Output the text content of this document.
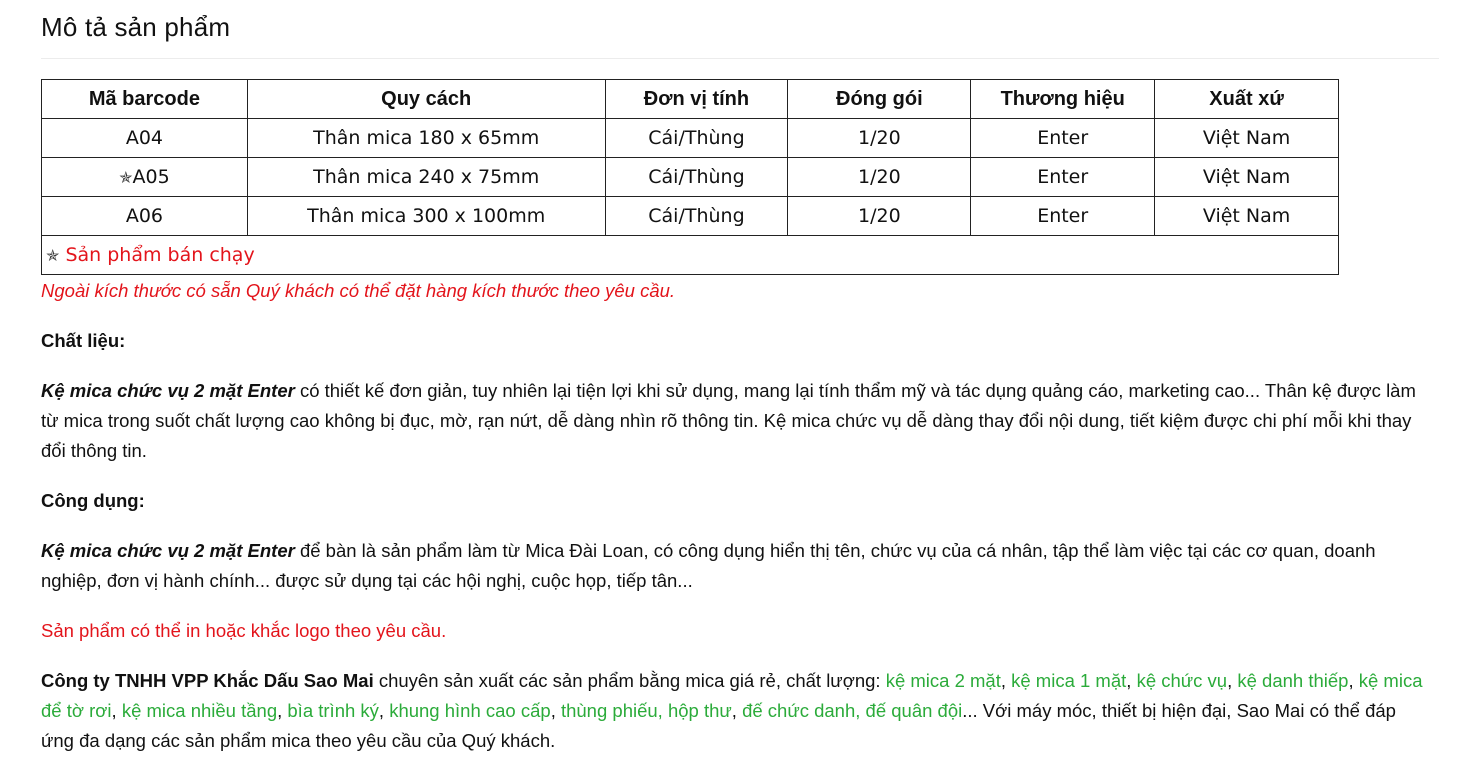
Mô tả sản phẩm
Mã barcode	Quy cách	Đơn vị tính	Đóng gói	Thương hiệu	Xuất xứ
A04	Thân mica 180 x 65mm	Cái/Thùng	1/20	Enter	Việt Nam
✯A05	Thân mica 240 x 75mm	Cái/Thùng	1/20	Enter	Việt Nam
A06	Thân mica 300 x 100mm	Cái/Thùng	1/20	Enter	Việt Nam
✯ Sản phẩm bán chạy					

Ngoài kích thước có sẵn Quý khách có thể đặt hàng kích thước theo yêu cầu.

Chất liệu:

Kệ mica chức vụ 2 mặt Enter có thiết kế đơn giản, tuy nhiên lại tiện lợi khi sử dụng, mang lại tính thẩm mỹ và tác dụng quảng cáo, marketing cao... Thân kệ được làm từ mica trong suốt chất lượng cao không bị đục, mờ, rạn nứt, dễ dàng nhìn rõ thông tin. Kệ mica chức vụ dễ dàng thay đổi nội dung, tiết kiệm được chi phí mỗi khi thay đổi thông tin.

Công dụng:

Kệ mica chức vụ 2 mặt Enter để bàn là sản phẩm làm từ Mica Đài Loan, có công dụng hiển thị tên, chức vụ của cá nhân, tập thể làm việc tại các cơ quan, doanh nghiệp, đơn vị hành chính... được sử dụng tại các hội nghị, cuộc họp, tiếp tân...

Sản phẩm có thể in hoặc khắc logo theo yêu cầu.

Công ty TNHH VPP Khắc Dấu Sao Mai chuyên sản xuất các sản phẩm bằng mica giá rẻ, chất lượng: kệ mica 2 mặt, kệ mica 1 mặt, kệ chức vụ, kệ danh thiếp, kệ mica để tờ rơi, kệ mica nhiều tầng, bìa trình ký, khung hình cao cấp, thùng phiếu, hộp thư, đế chức danh, đế quân đội... Với máy móc, thiết bị hiện đại, Sao Mai có thể đáp ứng đa dạng các sản phẩm mica theo yêu cầu của Quý khách.
